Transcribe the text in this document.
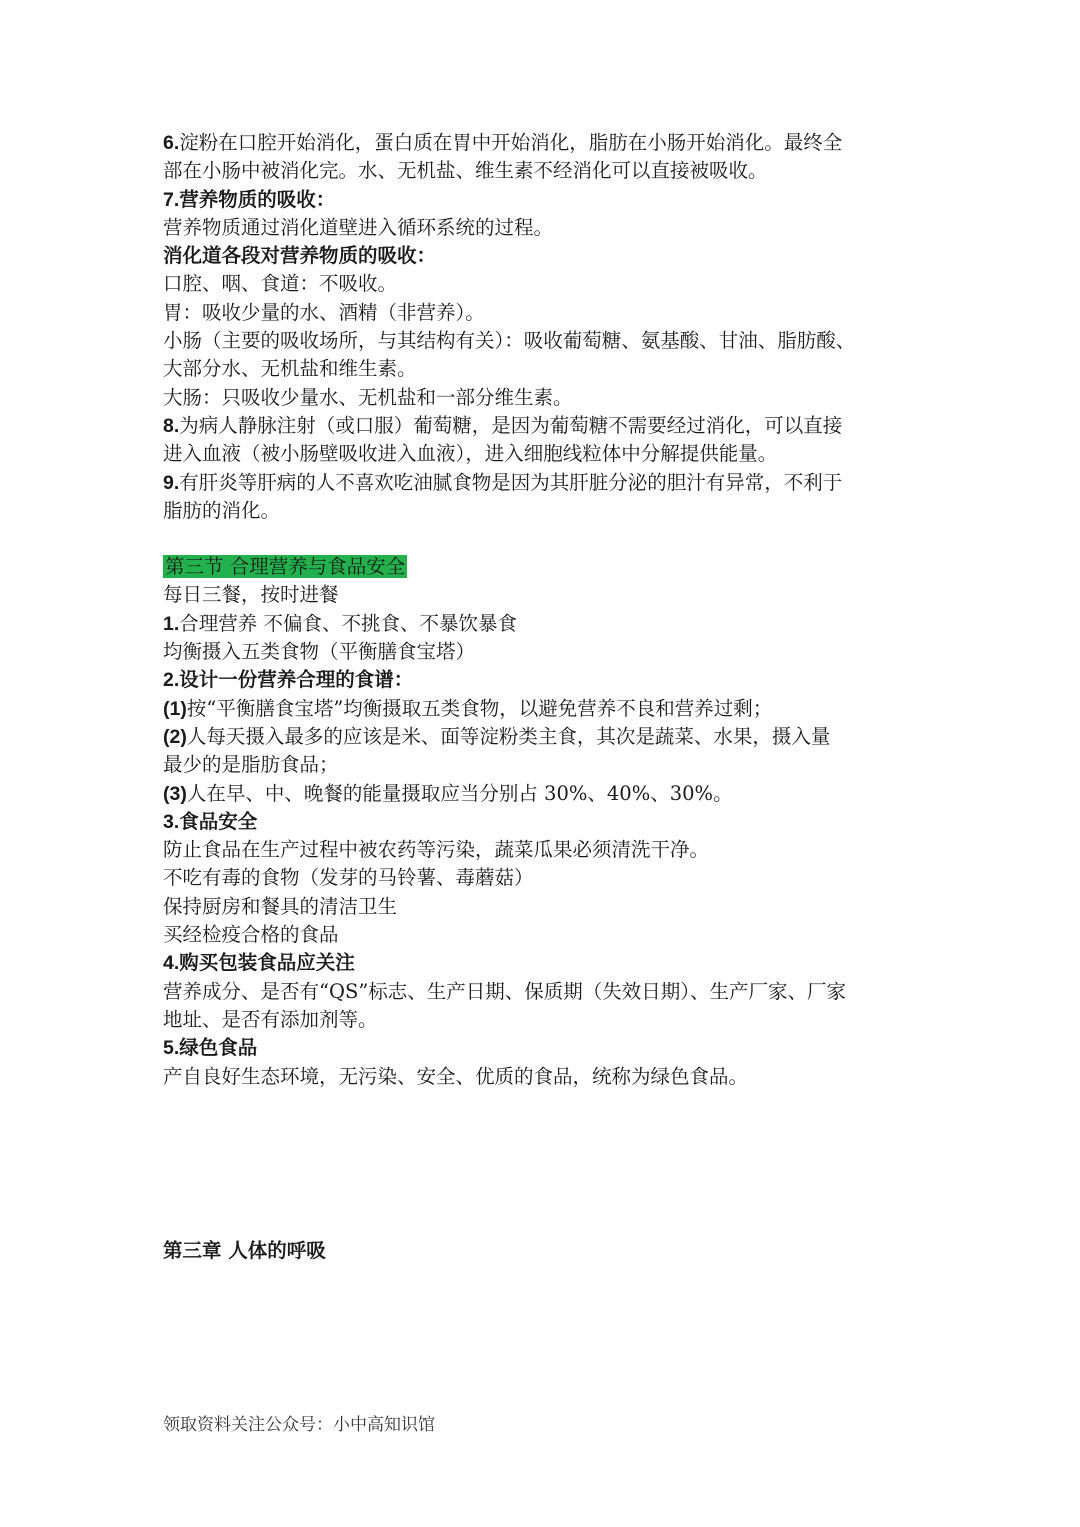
6.淀粉在口腔开始消化，蛋白质在胃中开始消化，脂肪在小肠开始消化。最终全
部在小肠中被消化完。水、无机盐、维生素不经消化可以直接被吸收。
7.营养物质的吸收：
营养物质通过消化道壁进入循环系统的过程。
消化道各段对营养物质的吸收：
口腔、咽、食道：不吸收。
胃：吸收少量的水、酒精（非营养）。
小肠（主要的吸收场所，与其结构有关）：吸收葡萄糖、氨基酸、甘油、脂肪酸、
大部分水、无机盐和维生素。
大肠：只吸收少量水、无机盐和一部分维生素。
8.为病人静脉注射（或口服）葡萄糖，是因为葡萄糖不需要经过消化，可以直接
进入血液（被小肠壁吸收进入血液），进入细胞线粒体中分解提供能量。
9.有肝炎等肝病的人不喜欢吃油腻食物是因为其肝脏分泌的胆汁有异常，不利于
脂肪的消化。
第三节 合理营养与食品安全
每日三餐，按时进餐
1.合理营养 不偏食、不挑食、不暴饮暴食
均衡摄入五类食物（平衡膳食宝塔）
2.设计一份营养合理的食谱：
(1)按“平衡膳食宝塔”均衡摄取五类食物，以避免营养不良和营养过剩；
(2)人每天摄入最多的应该是米、面等淀粉类主食，其次是蔬菜、水果，摄入量
最少的是脂肪食品；
(3)人在早、中、晚餐的能量摄取应当分别占 30%、40%、30%。
3.食品安全
防止食品在生产过程中被农药等污染，蔬菜瓜果必须清洗干净。
不吃有毒的食物（发芽的马铃薯、毒蘑菇）
保持厨房和餐具的清洁卫生
买经检疫合格的食品
4.购买包装食品应关注
营养成分、是否有“QS”标志、生产日期、保质期（失效日期）、生产厂家、厂家
地址、是否有添加剂等。
5.绿色食品
产自良好生态环境，无污染、安全、优质的食品，统称为绿色食品。
第三章 人体的呼吸
领取资料关注公众号：小中高知识馆
